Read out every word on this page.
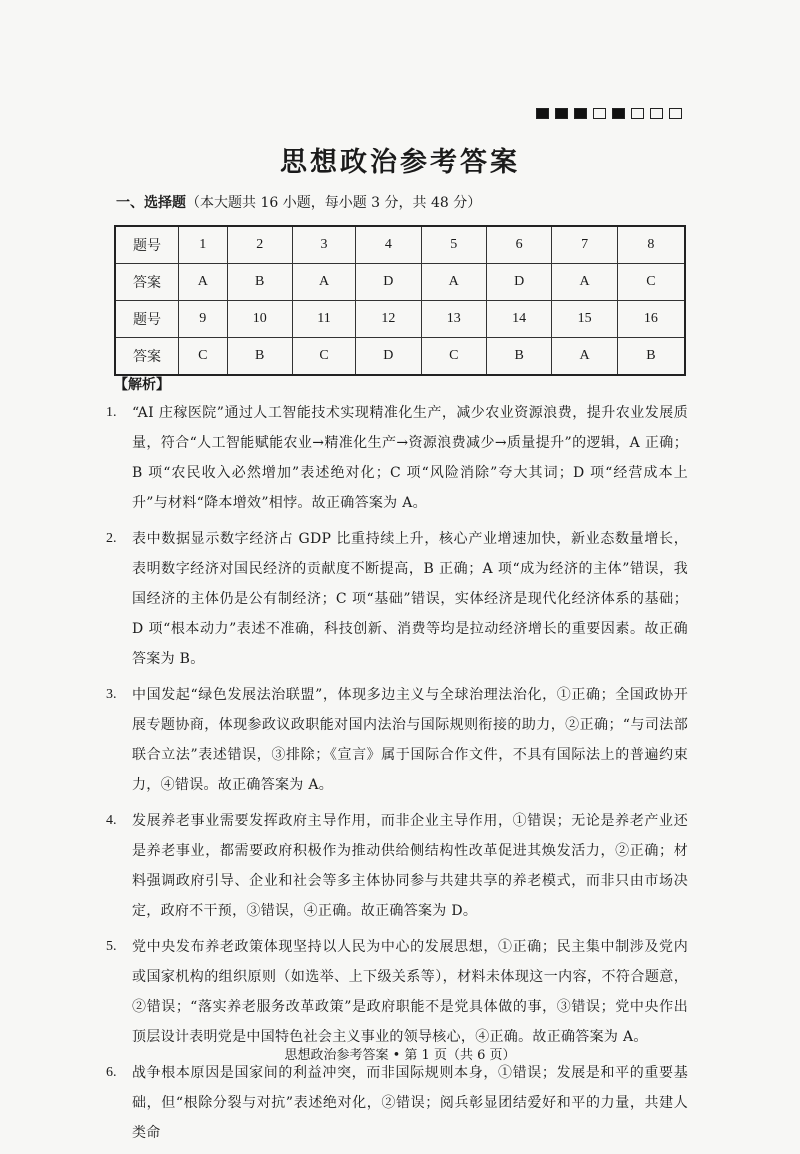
思想政治参考答案
一、选择题（本大题共 16 小题，每小题 3 分，共 48 分）
题号	1	2	3	4	5	6	7	8
答案	A	B	A	D	A	D	A	C
题号	9	10	11	12	13	14	15	16
答案	C	B	C	D	C	B	A	B
【解析】
1.	“AI 庄稼医院”通过人工智能技术实现精准化生产，减少农业资源浪费，提升农业发展质量，符合“人工智能赋能农业→精准化生产→资源浪费减少→质量提升”的逻辑，A 正确；B 项“农民收入必然增加”表述绝对化；C 项“风险消除”夸大其词；D 项“经营成本上升”与材料“降本增效”相悖。故正确答案为 A。
2.	表中数据显示数字经济占 GDP 比重持续上升，核心产业增速加快，新业态数量增长，表明数字经济对国民经济的贡献度不断提高，B 正确；A 项“成为经济的主体”错误，我国经济的主体仍是公有制经济；C 项“基础”错误，实体经济是现代化经济体系的基础；D 项“根本动力”表述不准确，科技创新、消费等均是拉动经济增长的重要因素。故正确答案为 B。
3.	中国发起“绿色发展法治联盟”，体现多边主义与全球治理法治化，①正确；全国政协开展专题协商，体现参政议政职能对国内法治与国际规则衔接的助力，②正确；“与司法部联合立法”表述错误，③排除；《宣言》属于国际合作文件，不具有国际法上的普遍约束力，④错误。故正确答案为 A。
4.	发展养老事业需要发挥政府主导作用，而非企业主导作用，①错误；无论是养老产业还是养老事业，都需要政府积极作为推动供给侧结构性改革促进其焕发活力，②正确；材料强调政府引导、企业和社会等多主体协同参与共建共享的养老模式，而非只由市场决定，政府不干预，③错误，④正确。故正确答案为 D。
5.	党中央发布养老政策体现坚持以人民为中心的发展思想，①正确；民主集中制涉及党内或国家机构的组织原则（如选举、上下级关系等），材料未体现这一内容，不符合题意，②错误；“落实养老服务改革政策”是政府职能不是党具体做的事，③错误；党中央作出顶层设计表明党是中国特色社会主义事业的领导核心，④正确。故正确答案为 A。
6.	战争根本原因是国家间的利益冲突，而非国际规则本身，①错误；发展是和平的重要基础，但“根除分裂与对抗”表述绝对化，②错误；阅兵彰显团结爱好和平的力量，共建人类命
思想政治参考答案 • 第 1 页（共 6 页）
